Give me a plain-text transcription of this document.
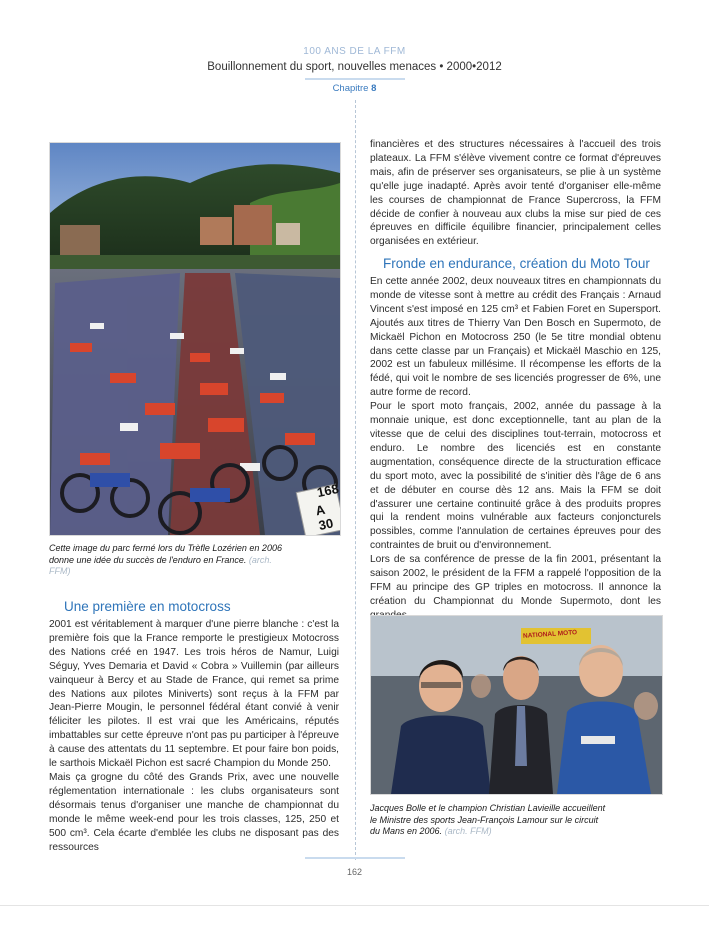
100 ANS DE LA FFM
Bouillonnement du sport, nouvelles menaces • 2000•2012
Chapitre 8
168
A 30
Cette image du parc fermé lors du Trèfle Lozérien en 2006 donne une idée du succès de l'enduro en France. (arch. FFM)
Une première en motocross

2001 est véritablement à marquer d'une pierre blanche : c'est la première fois que la France remporte le prestigieux Motocross des Nations créé en 1947. Les trois héros de Namur, Luigi Séguy, Yves Demaria et David « Cobra » Vuillemin (par ailleurs vainqueur à Bercy et au Stade de France, qui remet sa prime des Nations aux pilotes Miniverts) sont reçus à la FFM par Jean-Pierre Mougin, le personnel fédéral étant convié à venir féliciter les pilotes. Il est vrai que les Américains, réputés imbattables sur cette épreuve n'ont pas pu participer à l'épreuve à cause des attentats du 11 septembre. Et pour faire bon poids, le sarthois Mickaël Pichon est sacré Champion du Monde 250.

Mais ça grogne du côté des Grands Prix, avec une nouvelle réglementation internationale : les clubs organisateurs sont désormais tenus d'organiser une manche de championnat du monde le même week-end pour les trois classes, 125, 250 et 500 cm³. Cela écarte d'emblée les clubs ne disposant pas des ressources

financières et des structures nécessaires à l'accueil des trois plateaux. La FFM s'élève vivement contre ce format d'épreuves mais, afin de préserver ses organisateurs, se plie à un système qu'elle juge inadapté. Après avoir tenté d'organiser elle-même les courses de championnat de France Supercross, la FFM décide de confier à nouveau aux clubs la mise sur pied de ces épreuves en difficile équilibre financier, principalement celles organisées en extérieur.

Fronde en endurance, création du Moto Tour

En cette année 2002, deux nouveaux titres en championnats du monde de vitesse sont à mettre au crédit des Français : Arnaud Vincent s'est imposé en 125 cm³ et Fabien Foret en Supersport. Ajoutés aux titres de Thierry Van Den Bosch en Supermoto, de Mickaël Pichon en Motocross 250 (le 5e titre mondial obtenu dans cette classe par un Français) et Mickaël Maschio en 125, 2002 est un fabuleux millésime. Il récompense les efforts de la fédé, qui voit le nombre de ses licenciés progresser de 6%, une autre forme de record.

Pour le sport moto français, 2002, année du passage à la monnaie unique, est donc exceptionnelle, tant au plan de la vitesse que de celui des disciplines tout-terrain, motocross et enduro. Le nombre des licenciés est en constante augmentation, conséquence directe de la structuration efficace du sport moto, avec la possibilité de s'initier dès l'âge de 6 ans et de débuter en course dès 12 ans. Mais la FFM se doit d'assurer une certaine continuité grâce à des produits propres qui la rendent moins vulnérable aux facteurs conjoncturels possibles, comme l'annulation de certaines épreuves pour des contraintes de bruit ou d'environnement.

Lors de sa conférence de presse de la fin 2001, présentant la saison 2002, le président de la FFM a rappelé l'opposition de la FFM au principe des GP triples en motocross. Il annonce la création du Championnat du Monde Supermoto, dont les

NATIONAL MOTO
Jacques Bolle et le champion Christian Lavieille accueillent le Ministre des sports Jean-François Lamour sur le circuit du Mans en 2006. (arch. FFM)
162
